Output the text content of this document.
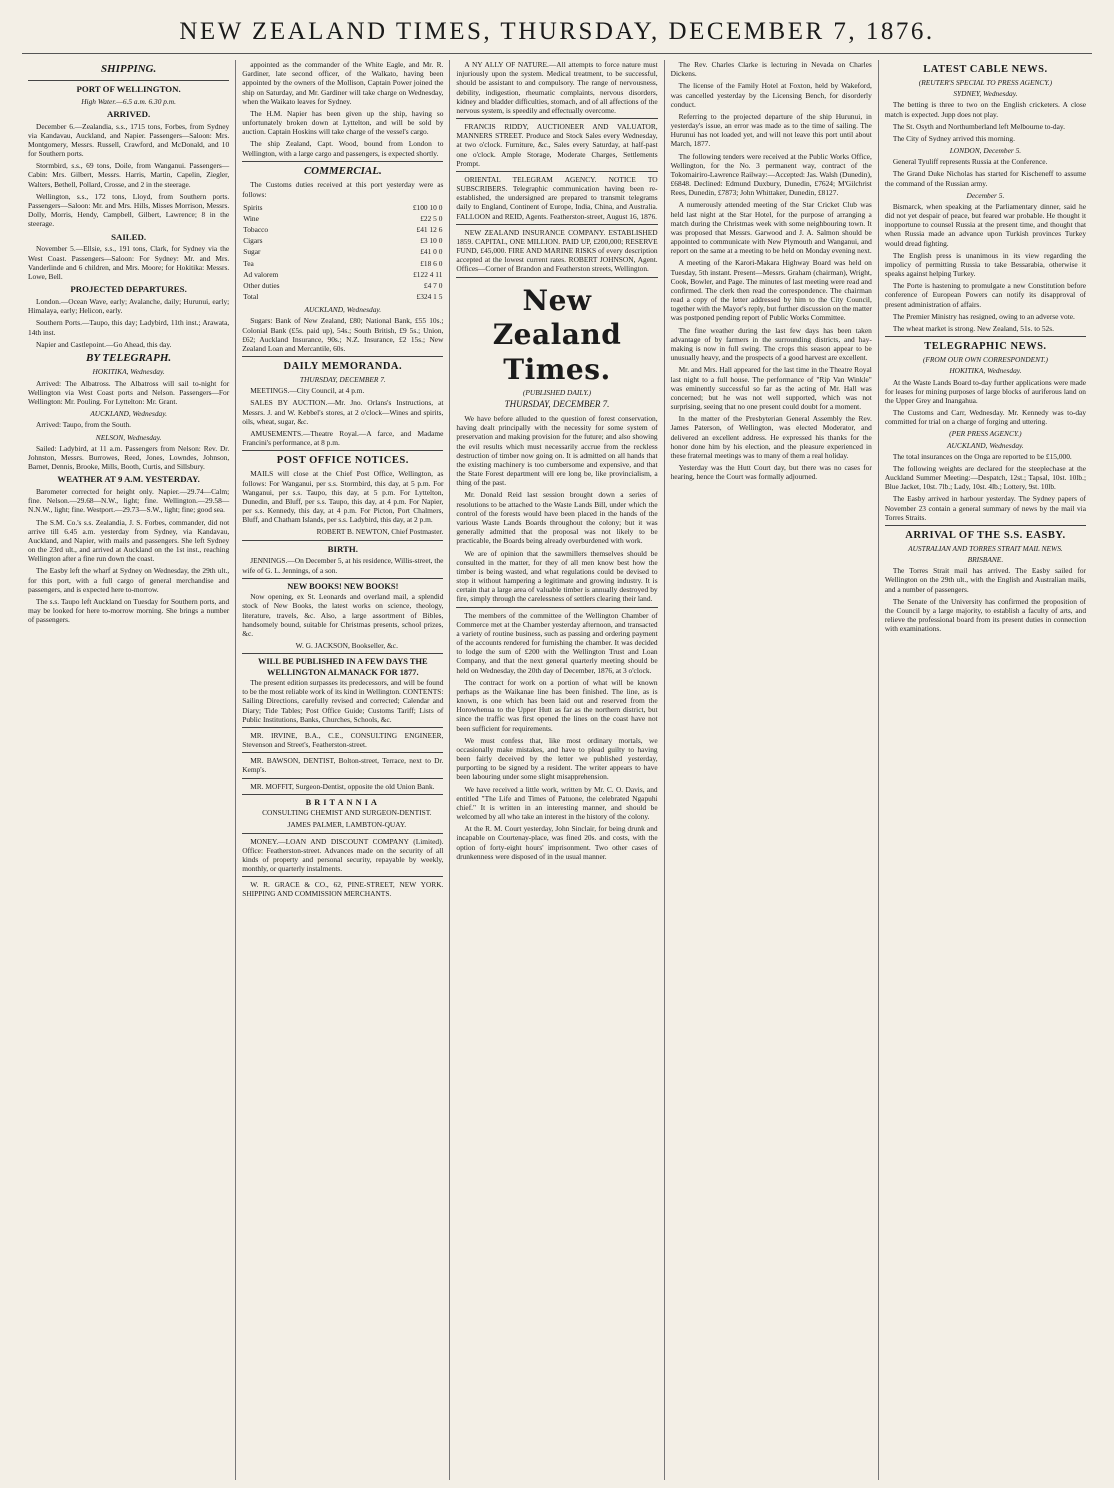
NEW ZEALAND TIMES, THURSDAY, DECEMBER 7, 1876.
SHIPPING.
PORT OF WELLINGTON.
High Water.—6.5 a.m. 6.30 p.m.
ARRIVED.

December 6.—Zealandia, s.s., 1715 tons, Forbes, from Sydney via Kandavau, Auckland, and Napier. Passengers—Saloon: Mrs. Montgomery, Messrs. Russell, Crawford, and McDonald, and 10 for Southern ports.

Stormbird, s.s., 69 tons, Doile, from Wanganui. Passengers—Cabin: Mrs. Gilbert, Messrs. Harris, Martin, Capelin, Ziegler, Walters, Bethell, Pollard, Crosse, and 2 in the steerage.

Wellington, s.s., 172 tons, Lloyd, from Southern ports. Passengers—Saloon: Mr. and Mrs. Hills, Misses Morrison, Messrs. Dolly, Morris, Hendy, Campbell, Gilbert, Lawrence; 8 in the steerage.

SAILED.

November 5.—Ellsie, s.s., 191 tons, Clark, for Sydney via the West Coast. Passengers—Saloon: For Sydney: Mr. and Mrs. Vanderlinde and 6 children, and Mrs. Moore; for Hokitika: Messrs. Lowe, Bell.

PROJECTED DEPARTURES.

London.—Ocean Wave, early; Avalanche, daily; Hurunui, early; Himalaya, early; Helicon, early.

Southern Ports.—Taupo, this day; Ladybird, 11th inst.; Arawata, 14th inst.

Napier and Castlepoint.—Go Ahead, this day.

BY TELEGRAPH.
HOKITIKA, Wednesday.

Arrived: The Albatross. The Albatross will sail to-night for Wellington via West Coast ports and Nelson. Passengers—For Wellington: Mr. Pouling. For Lyttelton: Mr. Grant.

AUCKLAND, Wednesday.

Arrived: Taupo, from the South.

NELSON, Wednesday.

Sailed: Ladybird, at 11 a.m. Passengers from Nelson: Rev. Dr. Johnston, Messrs. Burrowes, Reed, Jones, Lowndes, Johnson, Barnet, Dennis, Brooke, Mills, Booth, Curtis, and Sillsbury.

WEATHER AT 9 A.M. YESTERDAY.

Barometer corrected for height only. Napier.—29.74—Calm; fine. Nelson.—29.68—N.W., light; fine. Wellington.—29.58—N.N.W., light; fine. Westport.—29.73—S.W., light; fine; good sea.

The S.M. Co.'s s.s. Zealandia, J. S. Forbes, commander, did not arrive till 6.45 a.m. yesterday from Sydney, via Kandavau, Auckland, and Napier, with mails and passengers. She left Sydney on the 23rd ult., and arrived at Auckland on the 1st inst., reaching Wellington after a fine run down the coast.

The Easby left the wharf at Sydney on Wednesday, the 29th ult., for this port, with a full cargo of general merchandise and passengers, and is expected here to-morrow.

The s.s. Taupo left Auckland on Tuesday for Southern ports, and may be looked for here to-morrow morning. She brings a number of passengers.

appointed as the commander of the White Eagle, and Mr. R. Gardiner, late second officer, of the Walkato, having been appointed by the owners of the Mollison, Captain Power joined the ship on Saturday, and Mr. Gardiner will take charge on Wednesday, when the Waikato leaves for Sydney.

The H.M. Napier has been given up the ship, having so unfortunately broken down at Lyttelton, and will be sold by auction. Captain Hoskins will take charge of the vessel's cargo.

The ship Zealand, Capt. Wood, bound from London to Wellington, with a large cargo and passengers, is expected shortly.

COMMERCIAL.

The Customs duties received at this port yesterday were as follows:

Spirits	£100 10 0
Wine	£22 5 0
Tobacco	£41 12 6
Cigars	£3 10 0
Sugar	£41 0 0
Tea	£18 6 0
Ad valorem	£122 4 11
Other duties	£4 7 0
Total	£324 1 5
AUCKLAND, Wednesday.

Sugars: Bank of New Zealand, £80; National Bank, £55 10s.; Colonial Bank (£5s. paid up), 54s.; South British, £9 5s.; Union, £62; Auckland Insurance, 90s.; N.Z. Insurance, £2 15s.; New Zealand Loan and Mercantile, 60s.

DAILY MEMORANDA.
THURSDAY, DECEMBER 7.

MEETINGS.—City Council, at 4 p.m.

SALES BY AUCTION.—Mr. Jno. Orlans's Instructions, at Messrs. J. and W. Kebbel's stores, at 2 o'clock—Wines and spirits, oils, wheat, sugar, &c.

AMUSEMENTS.—Theatre Royal.—A farce, and Madame Francini's performance, at 8 p.m.

POST OFFICE NOTICES.

MAILS will close at the Chief Post Office, Wellington, as follows: For Wanganui, per s.s. Stormbird, this day, at 5 p.m. For Wanganui, per s.s. Taupo, this day, at 5 p.m. For Lyttelton, Dunedin, and Bluff, per s.s. Taupo, this day, at 4 p.m. For Napier, per s.s. Kennedy, this day, at 4 p.m. For Picton, Port Chalmers, Bluff, and Chatham Islands, per s.s. Ladybird, this day, at 2 p.m.

ROBERT B. NEWTON, Chief Postmaster.

BIRTH.

JENNINGS.—On December 5, at his residence, Willis-street, the wife of G. L. Jennings, of a son.

NEW BOOKS! NEW BOOKS!

Now opening, ex St. Leonards and overland mail, a splendid stock of New Books, the latest works on science, theology, literature, travels, &c. Also, a large assortment of Bibles, handsomely bound, suitable for Christmas presents, school prizes, &c.

W. G. JACKSON, Bookseller, &c.

WILL BE PUBLISHED IN A FEW DAYS THE WELLINGTON ALMANACK FOR 1877.

The present edition surpasses its predecessors, and will be found to be the most reliable work of its kind in Wellington. CONTENTS: Sailing Directions, carefully revised and corrected; Calendar and Diary; Tide Tables; Post Office Guide; Customs Tariff; Lists of Public Institutions, Banks, Churches, Schools, &c.

MR. IRVINE, B.A., C.E., CONSULTING ENGINEER, Stevenson and Street's, Featherston-street.

MR. BAWSON, DENTIST, Bolton-street, Terrace, next to Dr. Kemp's.

MR. MOFFIT, Surgeon-Dentist, opposite the old Union Bank.

BRITANNIA

CONSULTING CHEMIST AND SURGEON-DENTIST.

JAMES PALMER, LAMBTON-QUAY.

MONEY.—LOAN AND DISCOUNT COMPANY (Limited). Office: Featherston-street. Advances made on the security of all kinds of property and personal security, repayable by weekly, monthly, or quarterly instalments.

W. R. GRACE & CO., 62, PINE-STREET, NEW YORK. SHIPPING AND COMMISSION MERCHANTS.

A NY ALLY OF NATURE.—All attempts to force nature must injuriously upon the system. Medical treatment, to be successful, should be assistant to and compulsory. The range of nervousness, debility, indigestion, rheumatic complaints, nervous disorders, kidney and bladder difficulties, stomach, and of all affections of the nervous system, is speedily and effectually overcome.

FRANCIS RIDDY, AUCTIONEER AND VALUATOR, MANNERS STREET. Produce and Stock Sales every Wednesday, at two o'clock. Furniture, &c., Sales every Saturday, at half-past one o'clock. Ample Storage, Moderate Charges, Settlements Prompt.

ORIENTAL TELEGRAM AGENCY. NOTICE TO SUBSCRIBERS. Telegraphic communication having been re-established, the undersigned are prepared to transmit telegrams daily to England, Continent of Europe, India, China, and Australia. FALLOON and REID, Agents. Featherston-street, August 16, 1876.

NEW ZEALAND INSURANCE COMPANY. ESTABLISHED 1859. CAPITAL, ONE MILLION. PAID UP, £200,000; RESERVE FUND, £45,000. FIRE AND MARINE RISKS of every description accepted at the lowest current rates. ROBERT JOHNSON, Agent. Offices—Corner of Brandon and Featherston streets, Wellington.

New Zealand Times.
(PUBLISHED DAILY.)
THURSDAY, DECEMBER 7.

We have before alluded to the question of forest conservation, having dealt principally with the necessity for some system of preservation and making provision for the future; and also showing the evil results which must necessarily accrue from the reckless destruction of timber now going on. It is admitted on all hands that the existing machinery is too cumbersome and expensive, and that the State Forest department will ere long be, like provincialism, a thing of the past.

Mr. Donald Reid last session brought down a series of resolutions to be attached to the Waste Lands Bill, under which the control of the forests would have been placed in the hands of the various Waste Lands Boards throughout the colony; but it was generally admitted that the proposal was not likely to be practicable, the Boards being already overburdened with work.

We are of opinion that the sawmillers themselves should be consulted in the matter, for they of all men know best how the timber is being wasted, and what regulations could be devised to stop it without hampering a legitimate and growing industry. It is certain that a large area of valuable timber is annually destroyed by fire, simply through the carelessness of settlers clearing their land.

The members of the committee of the Wellington Chamber of Commerce met at the Chamber yesterday afternoon, and transacted a variety of routine business, such as passing and ordering payment of the accounts rendered for furnishing the chamber. It was decided to lodge the sum of £200 with the Wellington Trust and Loan Company, and that the next general quarterly meeting should be held on Wednesday, the 20th day of December, 1876, at 3 o'clock.

The contract for work on a portion of what will be known perhaps as the Waikanae line has been finished. The line, as is known, is one which has been laid out and reserved from the Horowhenua to the Upper Hutt as far as the northern district, but since the traffic was first opened the lines on the coast have not been sufficient for requirements.

We must confess that, like most ordinary mortals, we occasionally make mistakes, and have to plead guilty to having been fairly deceived by the letter we published yesterday, purporting to be signed by a resident. The writer appears to have been labouring under some slight misapprehension.

We have received a little work, written by Mr. C. O. Davis, and entitled "The Life and Times of Patuone, the celebrated Ngapuhi chief." It is written in an interesting manner, and should be welcomed by all who take an interest in the history of the colony.

At the R. M. Court yesterday, John Sinclair, for being drunk and incapable on Courtenay-place, was fined 20s. and costs, with the option of forty-eight hours' imprisonment. Two other cases of drunkenness were disposed of in the usual manner.

The Rev. Charles Clarke is lecturing in Nevada on Charles Dickens.

The license of the Family Hotel at Foxton, held by Wakeford, was cancelled yesterday by the Licensing Bench, for disorderly conduct.

Referring to the projected departure of the ship Hurunui, in yesterday's issue, an error was made as to the time of sailing. The Hurunui has not loaded yet, and will not leave this port until about March, 1877.

The following tenders were received at the Public Works Office, Wellington, for the No. 3 permanent way, contract of the Tokomairiro-Lawrence Railway:—Accepted: Jas. Walsh (Dunedin), £6848. Declined: Edmund Duxbury, Dunedin, £7624; M'Gilchrist Rees, Dunedin, £7873; John Whittaker, Dunedin, £8127.

A numerously attended meeting of the Star Cricket Club was held last night at the Star Hotel, for the purpose of arranging a match during the Christmas week with some neighbouring town. It was proposed that Messrs. Garwood and J. A. Salmon should be appointed to communicate with New Plymouth and Wanganui, and report on the same at a meeting to be held on Monday evening next.

A meeting of the Karori-Makara Highway Board was held on Tuesday, 5th instant. Present—Messrs. Graham (chairman), Wright, Cook, Bowler, and Page. The minutes of last meeting were read and confirmed. The clerk then read the correspondence. The chairman read a copy of the letter addressed by him to the City Council, together with the Mayor's reply, but further discussion on the matter was postponed pending report of Public Works Committee.

The fine weather during the last few days has been taken advantage of by farmers in the surrounding districts, and hay-making is now in full swing. The crops this season appear to be unusually heavy, and the prospects of a good harvest are excellent.

Mr. and Mrs. Hall appeared for the last time in the Theatre Royal last night to a full house. The performance of "Rip Van Winkle" was eminently successful so far as the acting of Mr. Hall was concerned; but he was not well supported, which was not surprising, seeing that no one present could doubt for a moment.

In the matter of the Presbyterian General Assembly the Rev. James Paterson, of Wellington, was elected Moderator, and delivered an excellent address. He expressed his thanks for the honor done him by his election, and the pleasure experienced in these fraternal meetings was to many of them a real holiday.

Yesterday was the Hutt Court day, but there was no cases for hearing, hence the Court was formally adjourned.

LATEST CABLE NEWS.
(REUTER'S SPECIAL TO PRESS AGENCY.)
SYDNEY, Wednesday.

The betting is three to two on the English cricketers. A close match is expected. Jupp does not play.

The St. Osyth and Northumberland left Melbourne to-day.

The City of Sydney arrived this morning.

LONDON, December 5.

General Tyuliff represents Russia at the Conference.

The Grand Duke Nicholas has started for Kischeneff to assume the command of the Russian army.

December 5.

Bismarck, when speaking at the Parliamentary dinner, said he did not yet despair of peace, but feared war probable. He thought it inopportune to counsel Russia at the present time, and thought that when Russia made an advance upon Turkish provinces Turkey would dread fighting.

The English press is unanimous in its view regarding the impolicy of permitting Russia to take Bessarabia, otherwise it speaks against helping Turkey.

The Porte is hastening to promulgate a new Constitution before conference of European Powers can notify its disapproval of present administration of affairs.

The Premier Ministry has resigned, owing to an adverse vote.

The wheat market is strong. New Zealand, 51s. to 52s.

TELEGRAPHIC NEWS.
(FROM OUR OWN CORRESPONDENT.)
HOKITIKA, Wednesday.

At the Waste Lands Board to-day further applications were made for leases for mining purposes of large blocks of auriferous land on the Upper Grey and Inangahua.

The Customs and Carr, Wednesday. Mr. Kennedy was to-day committed for trial on a charge of forging and uttering.

(PER PRESS AGENCY.)
AUCKLAND, Wednesday.

The total insurances on the Onga are reported to be £15,000.

The following weights are declared for the steeplechase at the Auckland Summer Meeting:—Despatch, 12st.; Tapsal, 10st. 10lb.; Blue Jacket, 10st. 7lb.; Lady, 10st. 4lb.; Lottery, 9st. 10lb.

The Easby arrived in harbour yesterday. The Sydney papers of November 23 contain a general summary of news by the mail via Torres Straits.

ARRIVAL OF THE S.S. EASBY.
AUSTRALIAN AND TORRES STRAIT MAIL NEWS.
BRISBANE.

The Torres Strait mail has arrived. The Easby sailed for Wellington on the 29th ult., with the English and Australian mails, and a number of passengers.

The Senate of the University has confirmed the proposition of the Council by a large majority, to establish a faculty of arts, and relieve the professional board from its present duties in connection with examinations.
